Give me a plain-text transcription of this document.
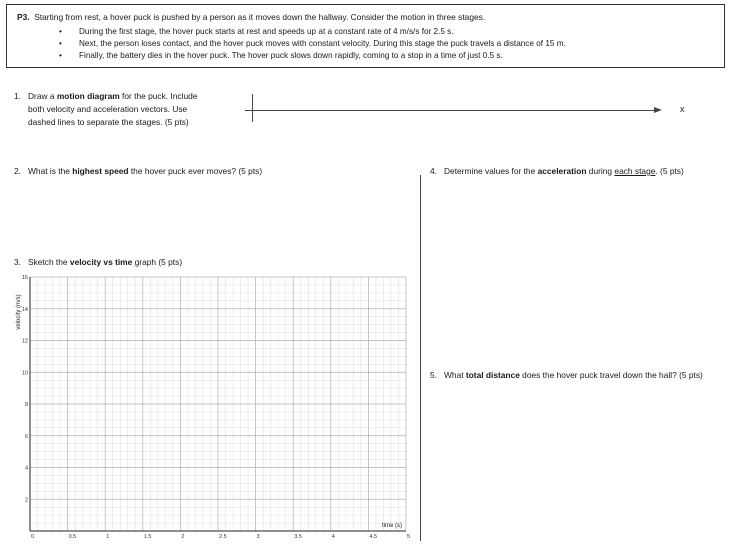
P3. Starting from rest, a hover puck is pushed by a person as it moves down the hallway. Consider the motion in three stages.
• During the first stage, the hover puck starts at rest and speeds up at a constant rate of 4 m/s/s for 2.5 s.
• Next, the person loses contact, and the hover puck moves with constant velocity. During this stage the puck travels a distance of 15 m.
• Finally, the battery dies in the hover puck. The hover puck slows down rapidly, coming to a stop in a time of just 0.5 s.
1. Draw a motion diagram for the puck. Include
both velocity and acceleration vectors. Use
dashed lines to separate the stages. (5 pts)
x
2. What is the highest speed the hover puck ever moves? (5 pts)
3. Sketch the velocity vs time graph (5 pts)
4. Determine values for the acceleration during each stage. (5 pts)
5. What total distance does the hover puck travel down the hall? (5 pts)
0	0.5	1	1.5	2	2.5	3	3.5	4	4.5	5
2
4
6
8
10
12
14
16
velocity (m/s)
time (s)
